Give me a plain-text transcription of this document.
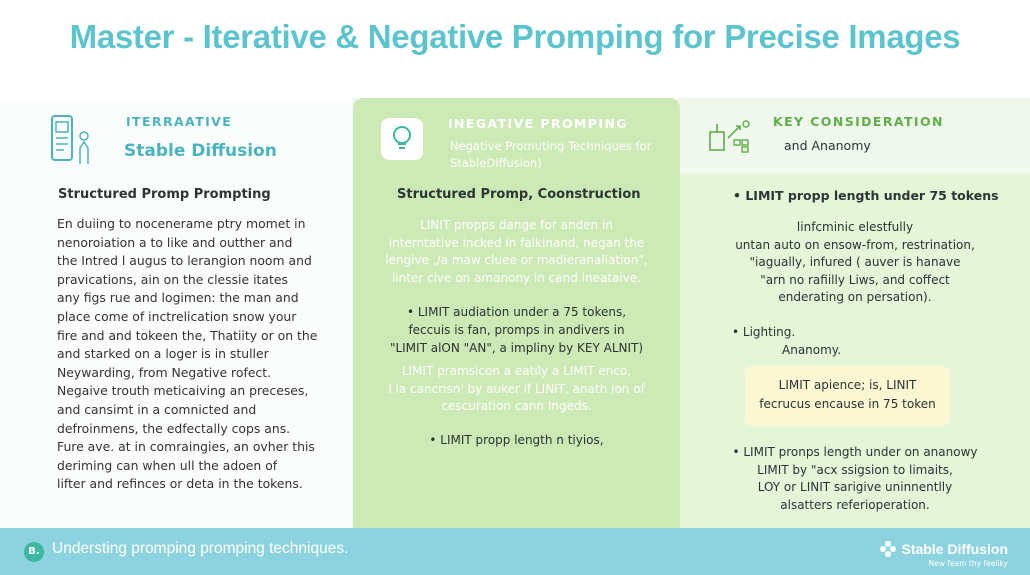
Master - Iterative & Negative Promping for Precise Images
ITERRAATIVE
Stable Diffusion
Structured Promp Prompting
INEGATIVE PROMPING
Negative Promuting Techniques for StableDiffusion)
Structured Promp, Coonstruction
KEY CONSIDERATION
and Ananomy
En duiing to nocenerame ptry momet in
nenoroiation a to like and outther and
the Intred l augus to lerangion noom and
pravications, ain on the clessie itates
any figs rue and logimen: the man and
place come of inctrelication snow your
fire and and tokeen the, Thatiity or on the
and starked on a loger is in stuller
Neywarding, from Negative rofect.
Negaive trouth meticaiving an preceses,
and cansimt in a comnicted and
defroinmens, the edfectally cops ans.
Fure ave. at in comraingies, an ovher this
deriming can when ull the adoen of
lifter and refinces or deta in the tokens.
LINIT propps dange for anden in
interntative incked in falkinand, negan the
lengive ,/a maw cluee or madieranaliation",
linter cive on amanony in cand lneataive.
• LIMIT audiation under a 75 tokens,
feccuis is fan, promps in andivers in
"LIMIT alON "AN", a impliny by KEY ALNIT)
LIMIT pramsicon a eatily a LIMIT enco,
I la cancrisn' by auker if LINIT, anath ion of
cescuration cann Ingeds.
• LIMIT propp length n tiyios,
• LIMIT propp length under 75 tokens
linfcminic elestfully
untan auto on ensow-from, restrination,
"iagually, infured ( auver is hanave
"arn no rafiilly Liws, and coffect
enderating on persation).
• Lighting.
Ananomy.
LIMIT apience; is, LINIT
fecrucus encause in 75 token
• LIMIT pronps length under on ananowy
LIMIT by "acx ssigsion to limaits,
LOY or LINIT sarigive uninnentlly
alsatters referioperation.
B. Understing promping promping techniques.	Stable Diffusion
New feam thy feeliky
